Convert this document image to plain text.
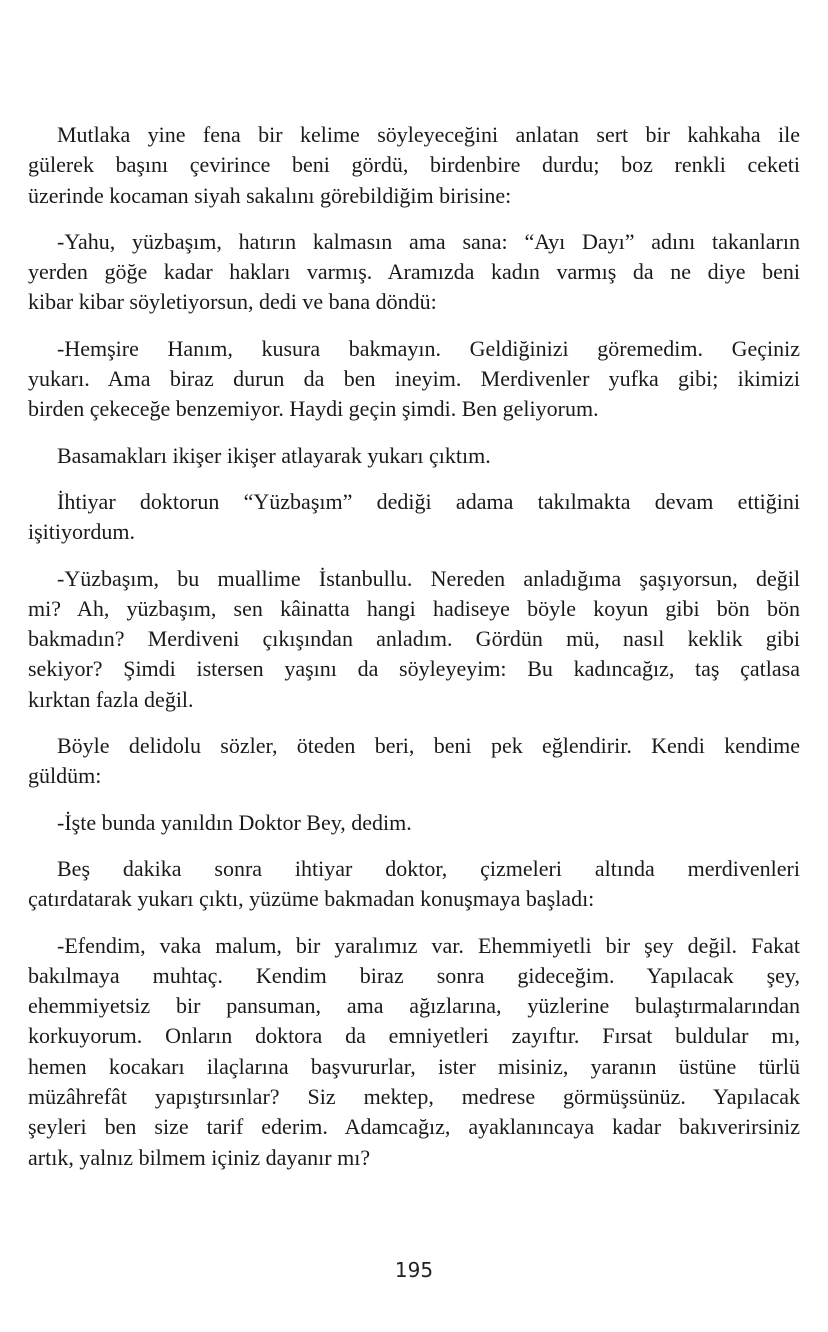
Mutlaka yine fena bir kelime söyleyeceğini anlatan sert bir kahkaha ile
gülerek başını çevirince beni gördü, birdenbire durdu; boz renkli ceketi
üzerinde kocaman siyah sakalını görebildiğim birisine:
-Yahu, yüzbaşım, hatırın kalmasın ama sana: “Ayı Dayı” adını takanların
yerden göğe kadar hakları varmış. Aramızda kadın varmış da ne diye beni
kibar kibar söyletiyorsun, dedi ve bana döndü:
-Hemşire Hanım, kusura bakmayın. Geldiğinizi göremedim. Geçiniz
yukarı. Ama biraz durun da ben ineyim. Merdivenler yufka gibi; ikimizi
birden çekeceğe benzemiyor. Haydi geçin şimdi. Ben geliyorum.
Basamakları ikişer ikişer atlayarak yukarı çıktım.
İhtiyar doktorun “Yüzbaşım” dediği adama takılmakta devam ettiğini
işitiyordum.
-Yüzbaşım, bu muallime İstanbullu. Nereden anladığıma şaşıyorsun, değil
mi? Ah, yüzbaşım, sen kâinatta hangi hadiseye böyle koyun gibi bön bön
bakmadın? Merdiveni çıkışından anladım. Gördün mü, nasıl keklik gibi
sekiyor? Şimdi istersen yaşını da söyleyeyim: Bu kadıncağız, taş çatlasa
kırktan fazla değil.
Böyle delidolu sözler, öteden beri, beni pek eğlendirir. Kendi kendime
güldüm:
-İşte bunda yanıldın Doktor Bey, dedim.
Beş dakika sonra ihtiyar doktor, çizmeleri altında merdivenleri
çatırdatarak yukarı çıktı, yüzüme bakmadan konuşmaya başladı:
-Efendim, vaka malum, bir yaralımız var. Ehemmiyetli bir şey değil. Fakat
bakılmaya muhtaç. Kendim biraz sonra gideceğim. Yapılacak şey,
ehemmiyetsiz bir pansuman, ama ağızlarına, yüzlerine bulaştırmalarından
korkuyorum. Onların doktora da emniyetleri zayıftır. Fırsat buldular mı,
hemen kocakarı ilaçlarına başvururlar, ister misiniz, yaranın üstüne türlü
müzâhrefât yapıştırsınlar? Siz mektep, medrese görmüşsünüz. Yapılacak
şeyleri ben size tarif ederim. Adamcağız, ayaklanıncaya kadar bakıverirsiniz
artık, yalnız bilmem içiniz dayanır mı?
195
